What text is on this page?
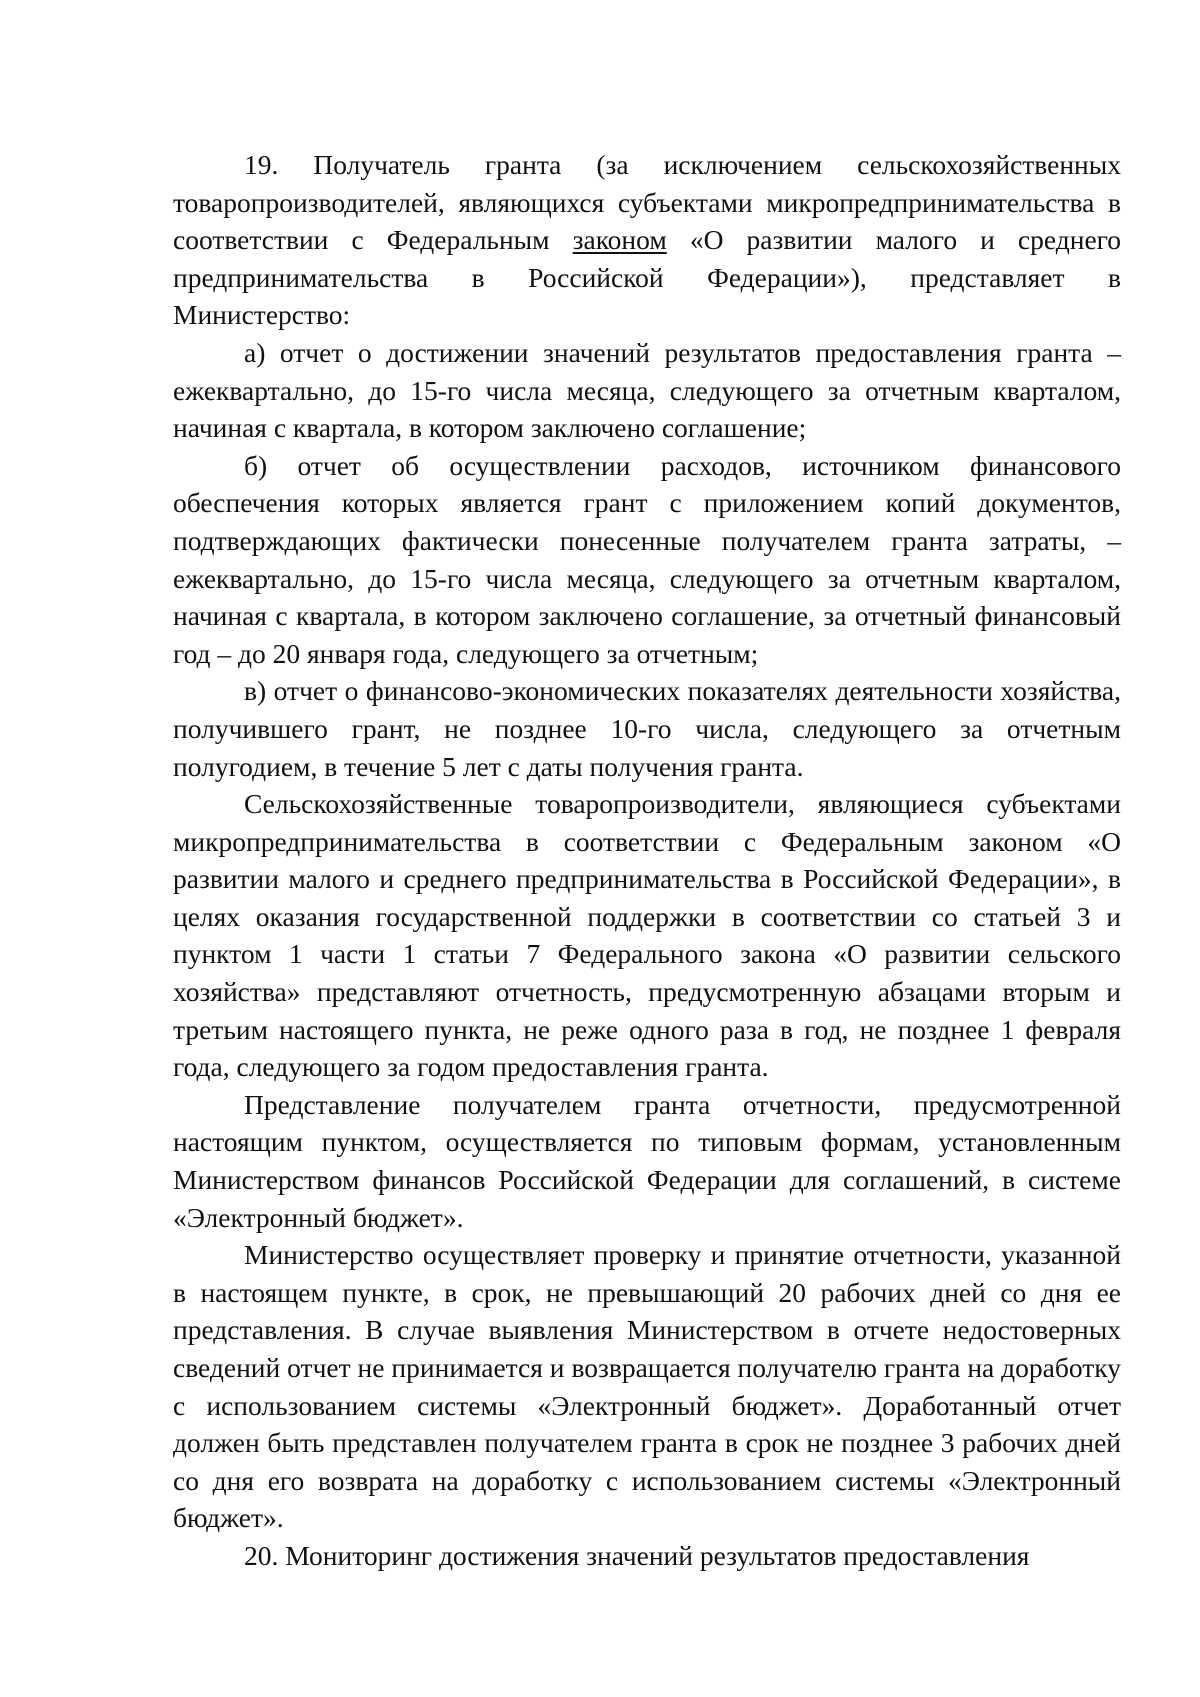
19. Получатель гранта (за исключением сельскохозяйственных товаропроизводителей, являющихся субъектами микропредпринимательства в соответствии с Федеральным законом «О развитии малого и среднего предпринимательства в Российской Федерации»), представляет в Министерство:

а) отчет о достижении значений результатов предоставления гранта – ежеквартально, до 15-го числа месяца, следующего за отчетным кварталом, начиная с квартала, в котором заключено соглашение;

б) отчет об осуществлении расходов, источником финансового обеспечения которых является грант с приложением копий документов, подтверждающих фактически понесенные получателем гранта затраты, – ежеквартально, до 15-го числа месяца, следующего за отчетным кварталом, начиная с квартала, в котором заключено соглашение, за отчетный финансовый год – до 20 января года, следующего за отчетным;

в) отчет о финансово-экономических показателях деятельности хозяйства, получившего грант, не позднее 10-го числа, следующего за отчетным полугодием, в течение 5 лет с даты получения гранта.

Сельскохозяйственные товаропроизводители, являющиеся субъектами микропредпринимательства в соответствии с Федеральным законом «О развитии малого и среднего предпринимательства в Российской Федерации», в целях оказания государственной поддержки в соответствии со статьей 3 и пунктом 1 части 1 статьи 7 Федерального закона «О развитии сельского хозяйства» представляют отчетность, предусмотренную абзацами вторым и третьим настоящего пункта, не реже одного раза в год, не позднее 1 февраля года, следующего за годом предоставления гранта.

Представление получателем гранта отчетности, предусмотренной настоящим пунктом, осуществляется по типовым формам, установленным Министерством финансов Российской Федерации для соглашений, в системе «Электронный бюджет».

Министерство осуществляет проверку и принятие отчетности, указанной в настоящем пункте, в срок, не превышающий 20 рабочих дней со дня ее представления. В случае выявления Министерством в отчете недостоверных сведений отчет не принимается и возвращается получателю гранта на доработку с использованием системы «Электронный бюджет». Доработанный отчет должен быть представлен получателем гранта в срок не позднее 3 рабочих дней со дня его возврата на доработку с использованием системы «Электронный бюджет».

20. Мониторинг достижения значений результатов предоставления
